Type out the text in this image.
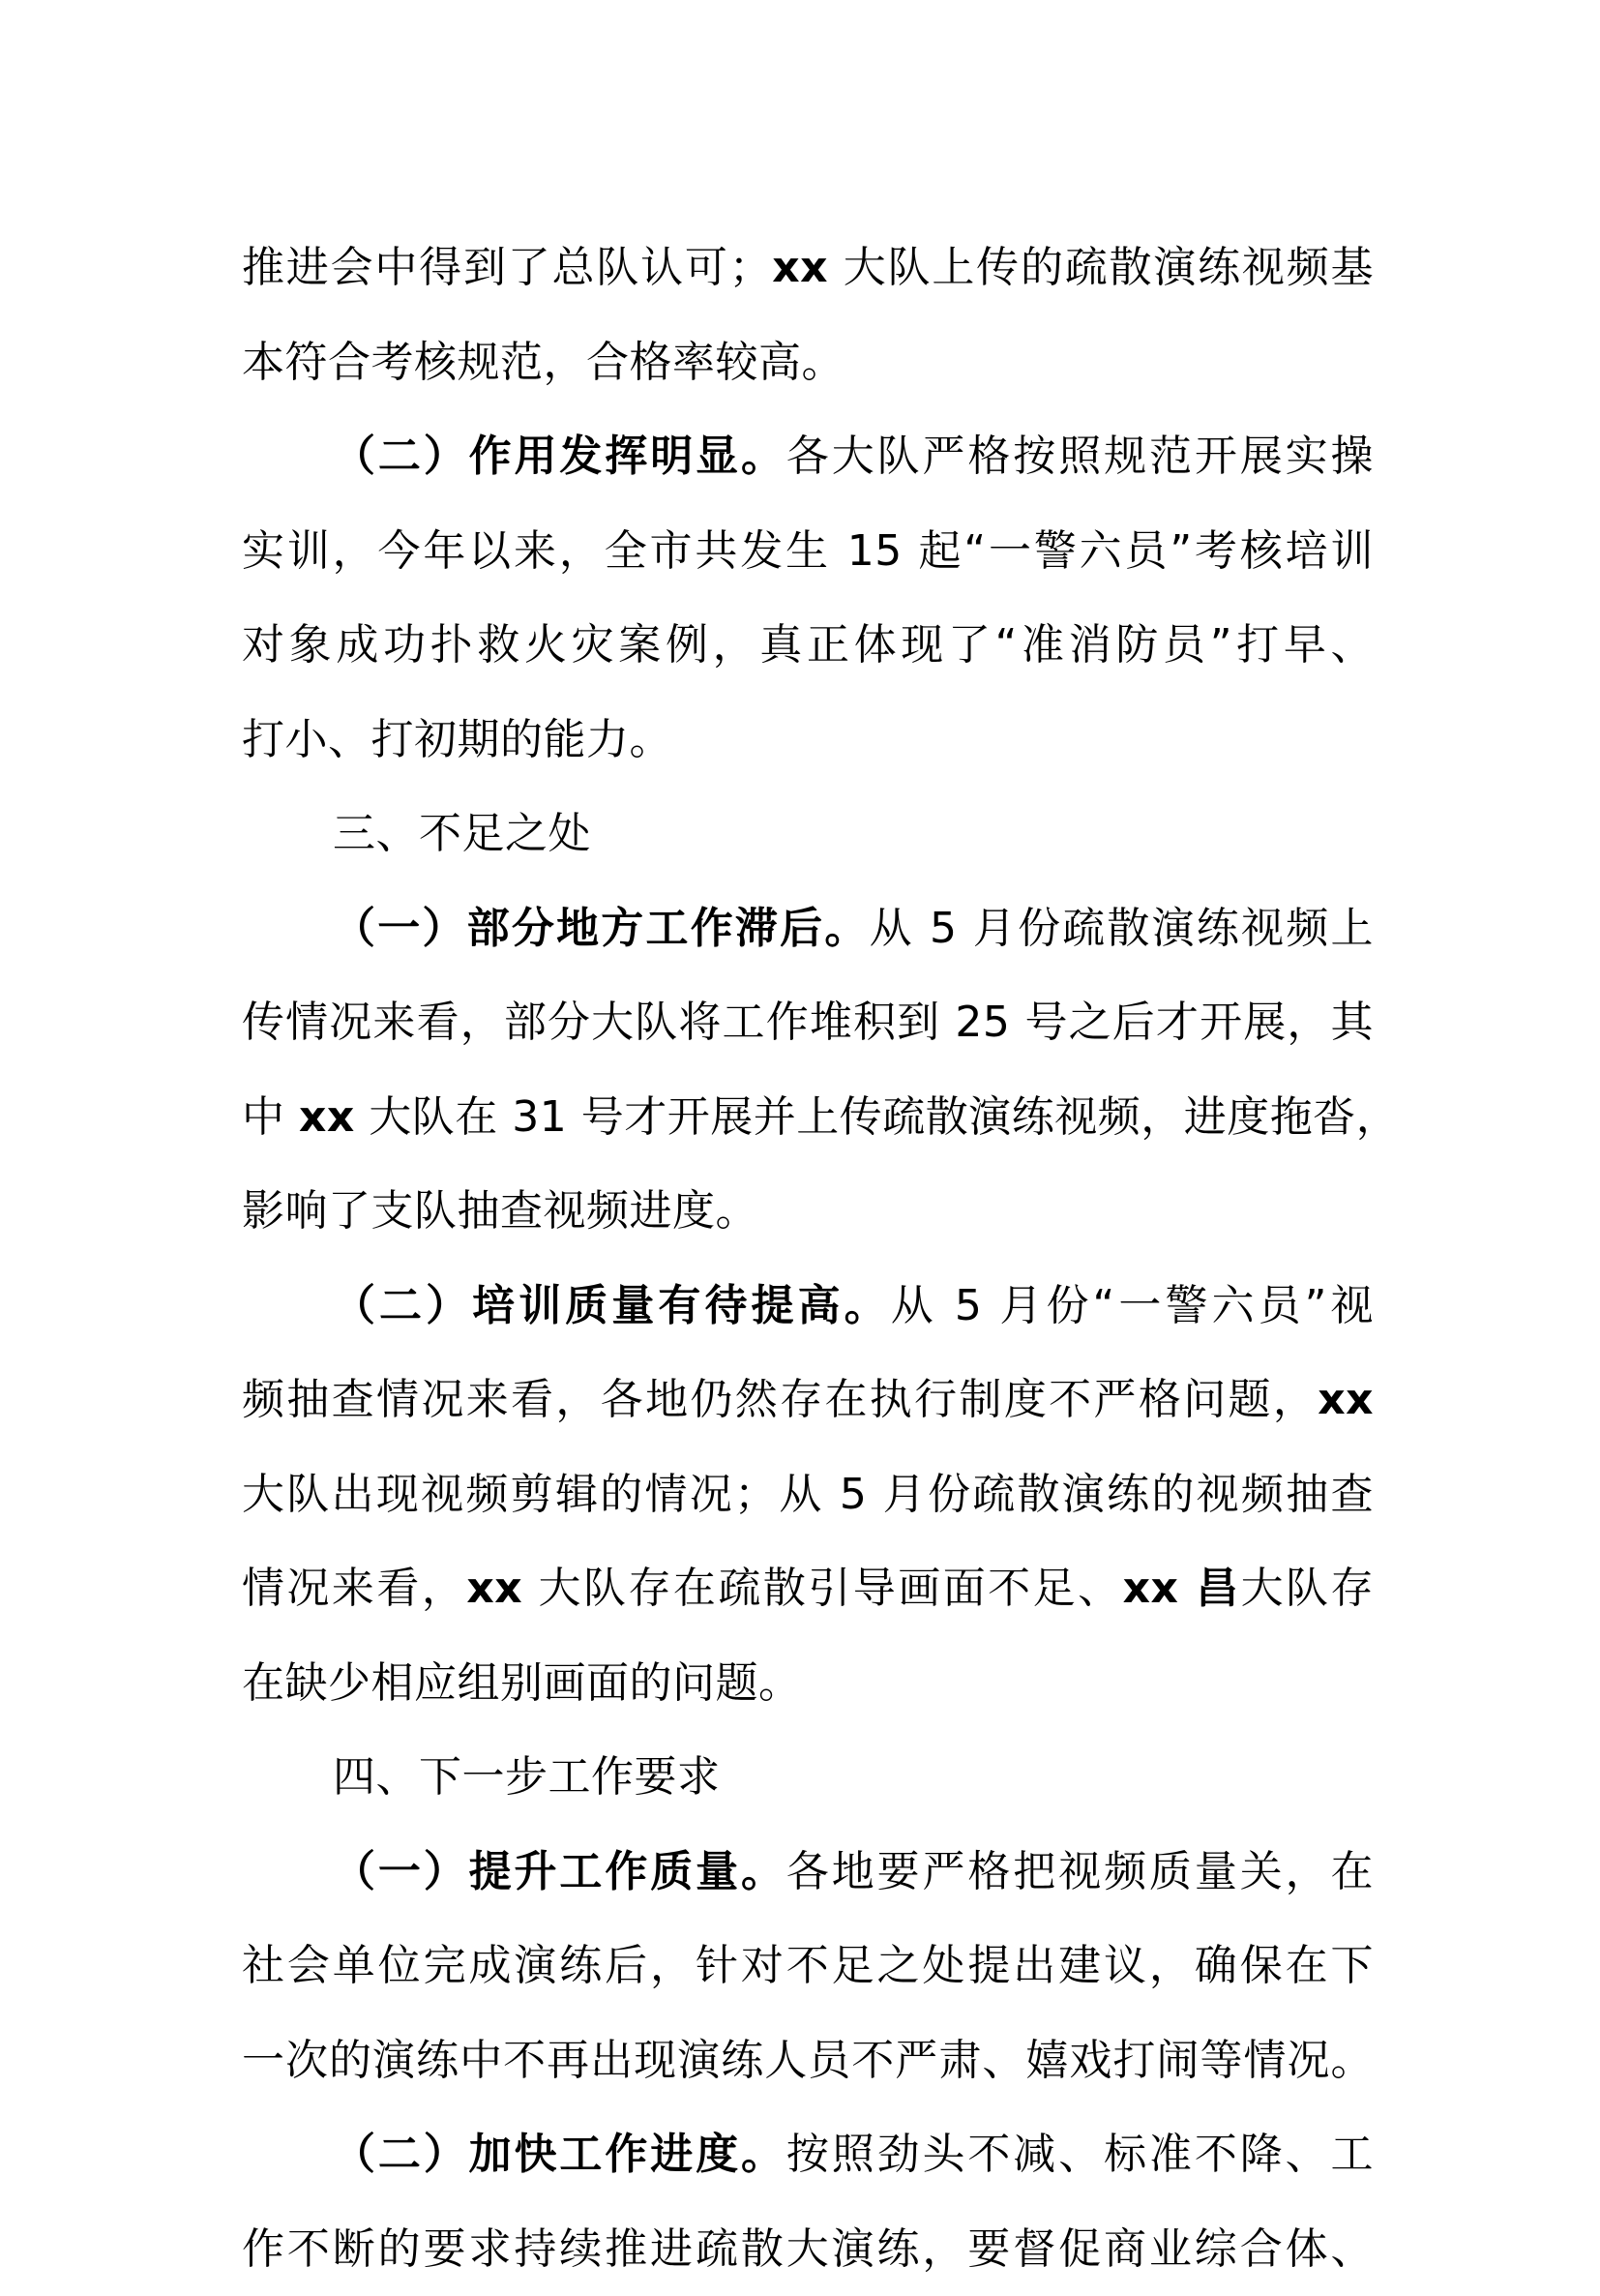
推进会中得到了总队认可；xx 大队上传的疏散演练视频基
本符合考核规范，合格率较高。
（二）作用发挥明显。各大队严格按照规范开展实操
实训，今年以来，全市共发生 15 起“一警六员”考核培训
对象成功扑救火灾案例，真正体现了“准消防员”打早、
打小、打初期的能力。
三、不足之处
（一）部分地方工作滞后。从 5 月份疏散演练视频上
传情况来看，部分大队将工作堆积到 25 号之后才开展，其
中 xx 大队在 31 号才开展并上传疏散演练视频，进度拖沓，
影响了支队抽查视频进度。
（二）培训质量有待提高。从 5 月份“一警六员”视
频抽查情况来看，各地仍然存在执行制度不严格问题，xx
大队出现视频剪辑的情况；从 5 月份疏散演练的视频抽查
情况来看，xx 大队存在疏散引导画面不足、xx 昌大队存
在缺少相应组别画面的问题。
四、下一步工作要求
（一）提升工作质量。各地要严格把视频质量关，在
社会单位完成演练后，针对不足之处提出建议，确保在下
一次的演练中不再出现演练人员不严肃、嬉戏打闹等情况。
（二）加快工作进度。按照劲头不减、标准不降、工
作不断的要求持续推进疏散大演练，要督促商业综合体、
